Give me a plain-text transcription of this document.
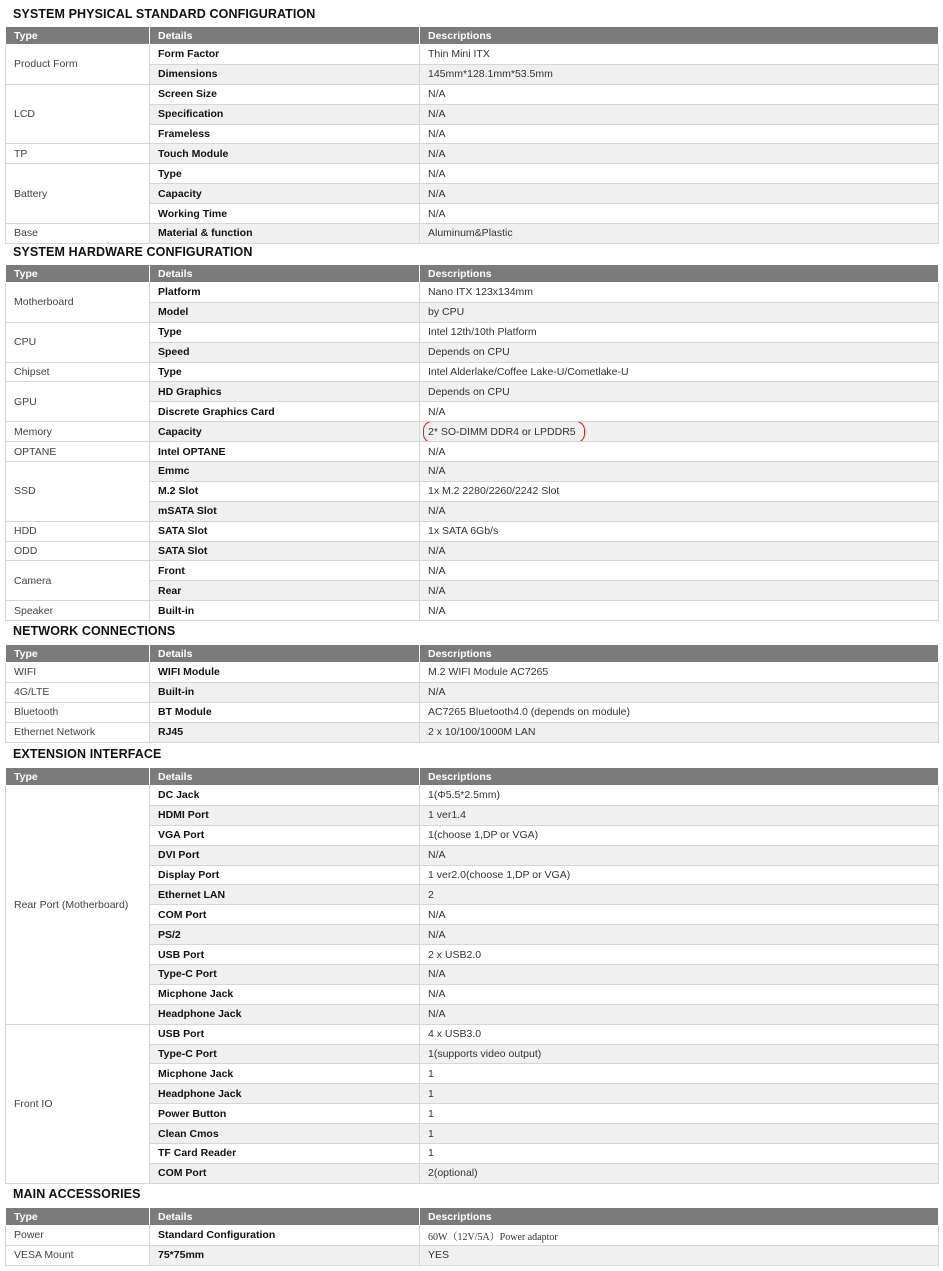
SYSTEM PHYSICAL STANDARD CONFIGURATION
Type	Details	Descriptions
Product Form	Form Factor	Thin Mini ITX
	Dimensions	145mm*128.1mm*53.5mm
LCD	Screen Size	N/A
	Specification	N/A
	Frameless	N/A
TP	Touch Module	N/A
Battery	Type	N/A
	Capacity	N/A
	Working Time	N/A
Base	Material & function	Aluminum&Plastic
SYSTEM HARDWARE CONFIGURATION
Type	Details	Descriptions
Motherboard	Platform	Nano ITX 123x134mm
	Model	by CPU
CPU	Type	Intel 12th/10th Platform
	Speed	Depends on CPU
Chipset	Type	Intel Alderlake/Coffee Lake-U/Cometlake-U
GPU	HD Graphics	Depends on CPU
	Discrete Graphics Card	N/A
Memory	Capacity	2* SO-DIMM DDR4 or LPDDR5

OPTANE	Intel OPTANE	N/A
SSD	Emmc	N/A
	M.2 Slot	1x M.2 2280/2260/2242 Slot
	mSATA Slot	N/A
HDD	SATA Slot	1x SATA 6Gb/s
ODD	SATA Slot	N/A
Camera	Front	N/A
	Rear	N/A
Speaker	Built-in	N/A
NETWORK CONNECTIONS
Type	Details	Descriptions
WIFI	WIFI Module	M.2 WIFI Module AC7265
4G/LTE	Built-in	N/A
Bluetooth	BT Module	AC7265 Bluetooth4.0 (depends on module)
Ethernet Network	RJ45	2 x 10/100/1000M LAN
EXTENSION INTERFACE
Type	Details	Descriptions
Rear Port (Motherboard)	DC Jack	1(Φ5.5*2.5mm)
	HDMI Port	1 ver1.4
	VGA Port	1(choose 1,DP or VGA)
	DVI Port	N/A
	Display Port	1 ver2.0(choose 1,DP or VGA)
	Ethernet LAN	2
	COM Port	N/A
	PS/2	N/A
	USB Port	2 x USB2.0
	Type-C Port	N/A
	Micphone Jack	N/A
	Headphone Jack	N/A
Front IO	USB Port	4 x USB3.0
	Type-C Port	1(supports video output)
	Micphone Jack	1
	Headphone Jack	1
	Power Button	1
	Clean Cmos	1
	TF Card Reader	1
	COM Port	2(optional)
MAIN ACCESSORIES
Type	Details	Descriptions
Power	Standard Configuration	60W（12V/5A）Power adaptor
VESA Mount	75*75mm	YES
